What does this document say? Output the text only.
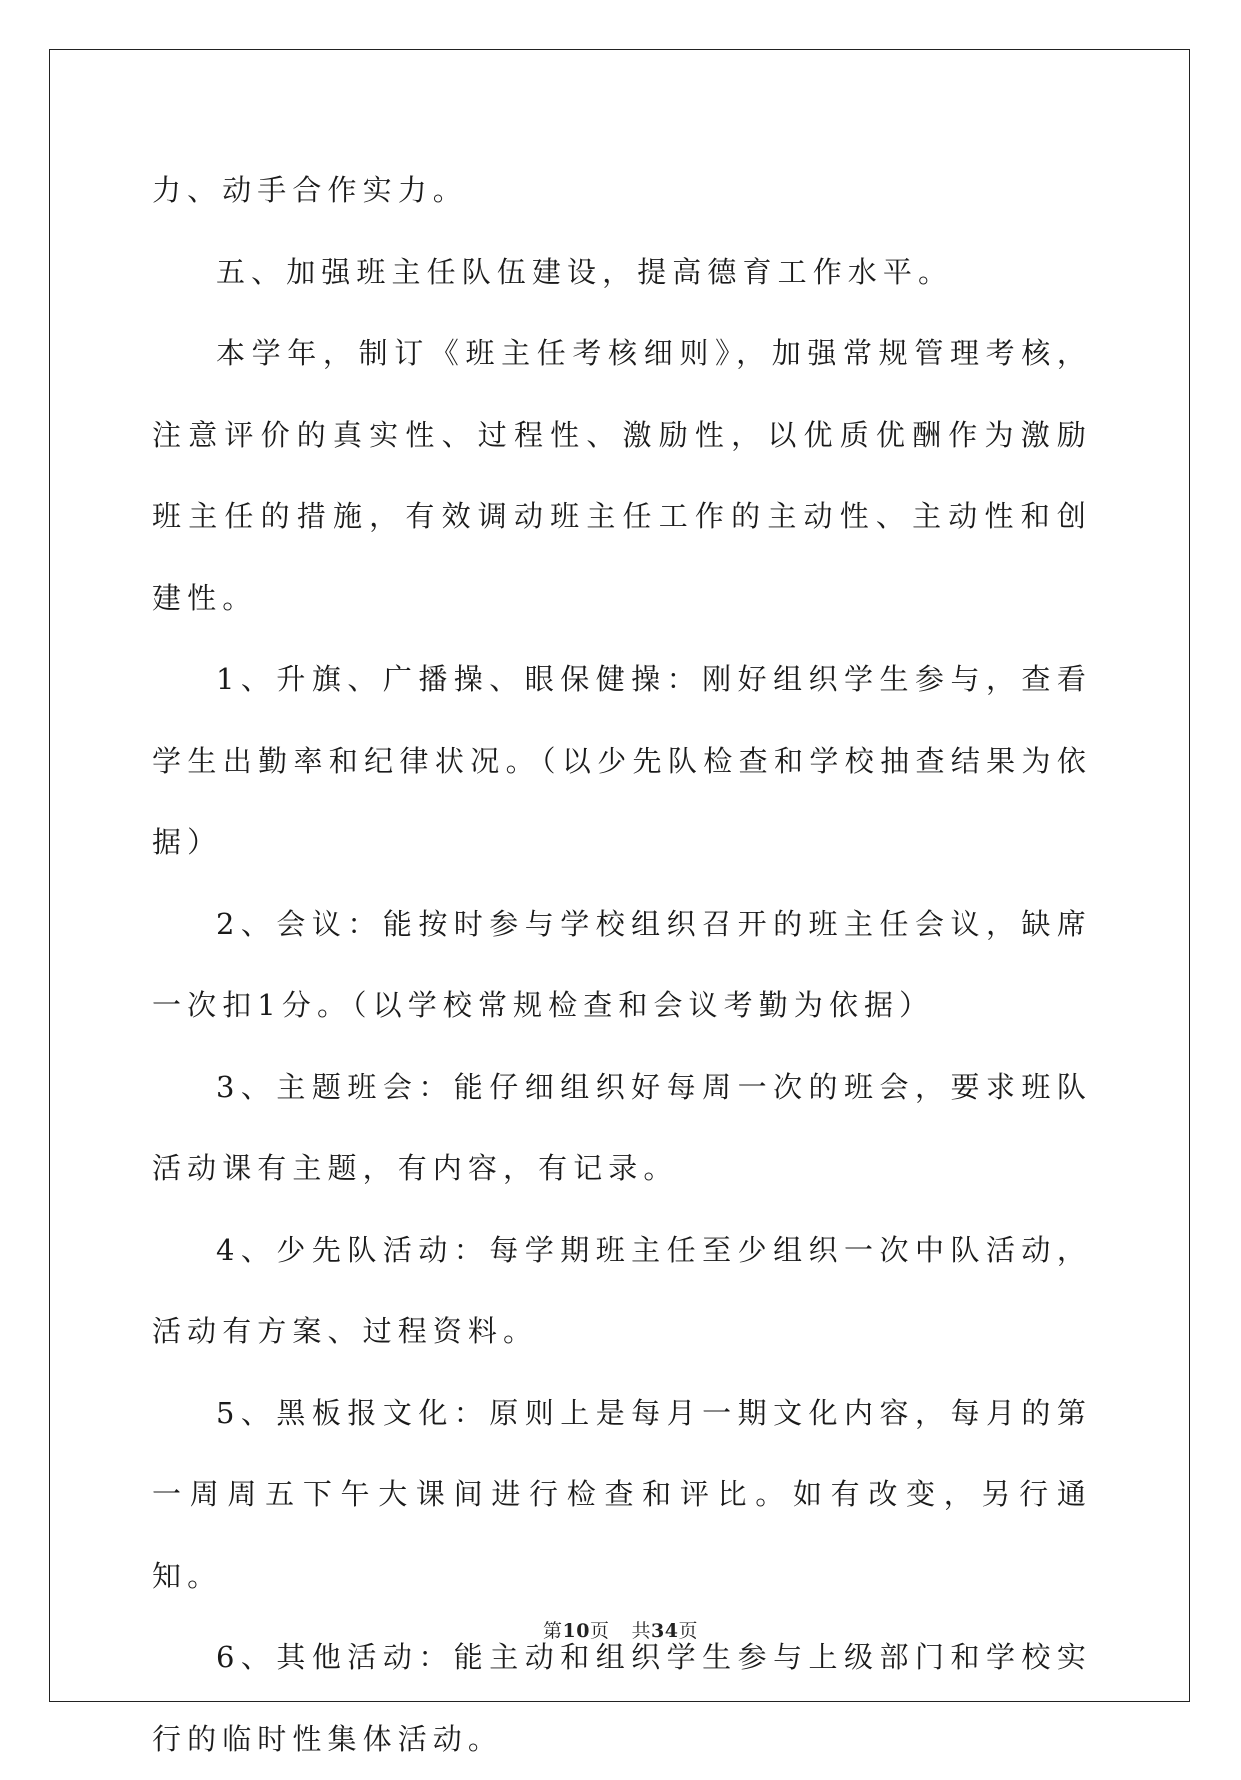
力、动手合作实力。

五、加强班主任队伍建设，提高德育工作水平。

本学年，制订《班主任考核细则》，加强常规管理考核，注意评价的真实性、过程性、激励性，以优质优酬作为激励班主任的措施，有效调动班主任工作的主动性、主动性和创建性。

1、升旗、广播操、眼保健操：刚好组织学生参与，查看学生出勤率和纪律状况。（以少先队检查和学校抽查结果为依据）

2、会议：能按时参与学校组织召开的班主任会议，缺席一次扣1分。（以学校常规检查和会议考勤为依据）

3、主题班会：能仔细组织好每周一次的班会，要求班队活动课有主题，有内容，有记录。

4、少先队活动：每学期班主任至少组织一次中队活动，活动有方案、过程资料。

5、黑板报文化：原则上是每月一期文化内容，每月的第一周周五下午大课间进行检查和评比。如有改变，另行通知。

6、其他活动：能主动和组织学生参与上级部门和学校实行的临时性集体活动。

第10页 共34页
